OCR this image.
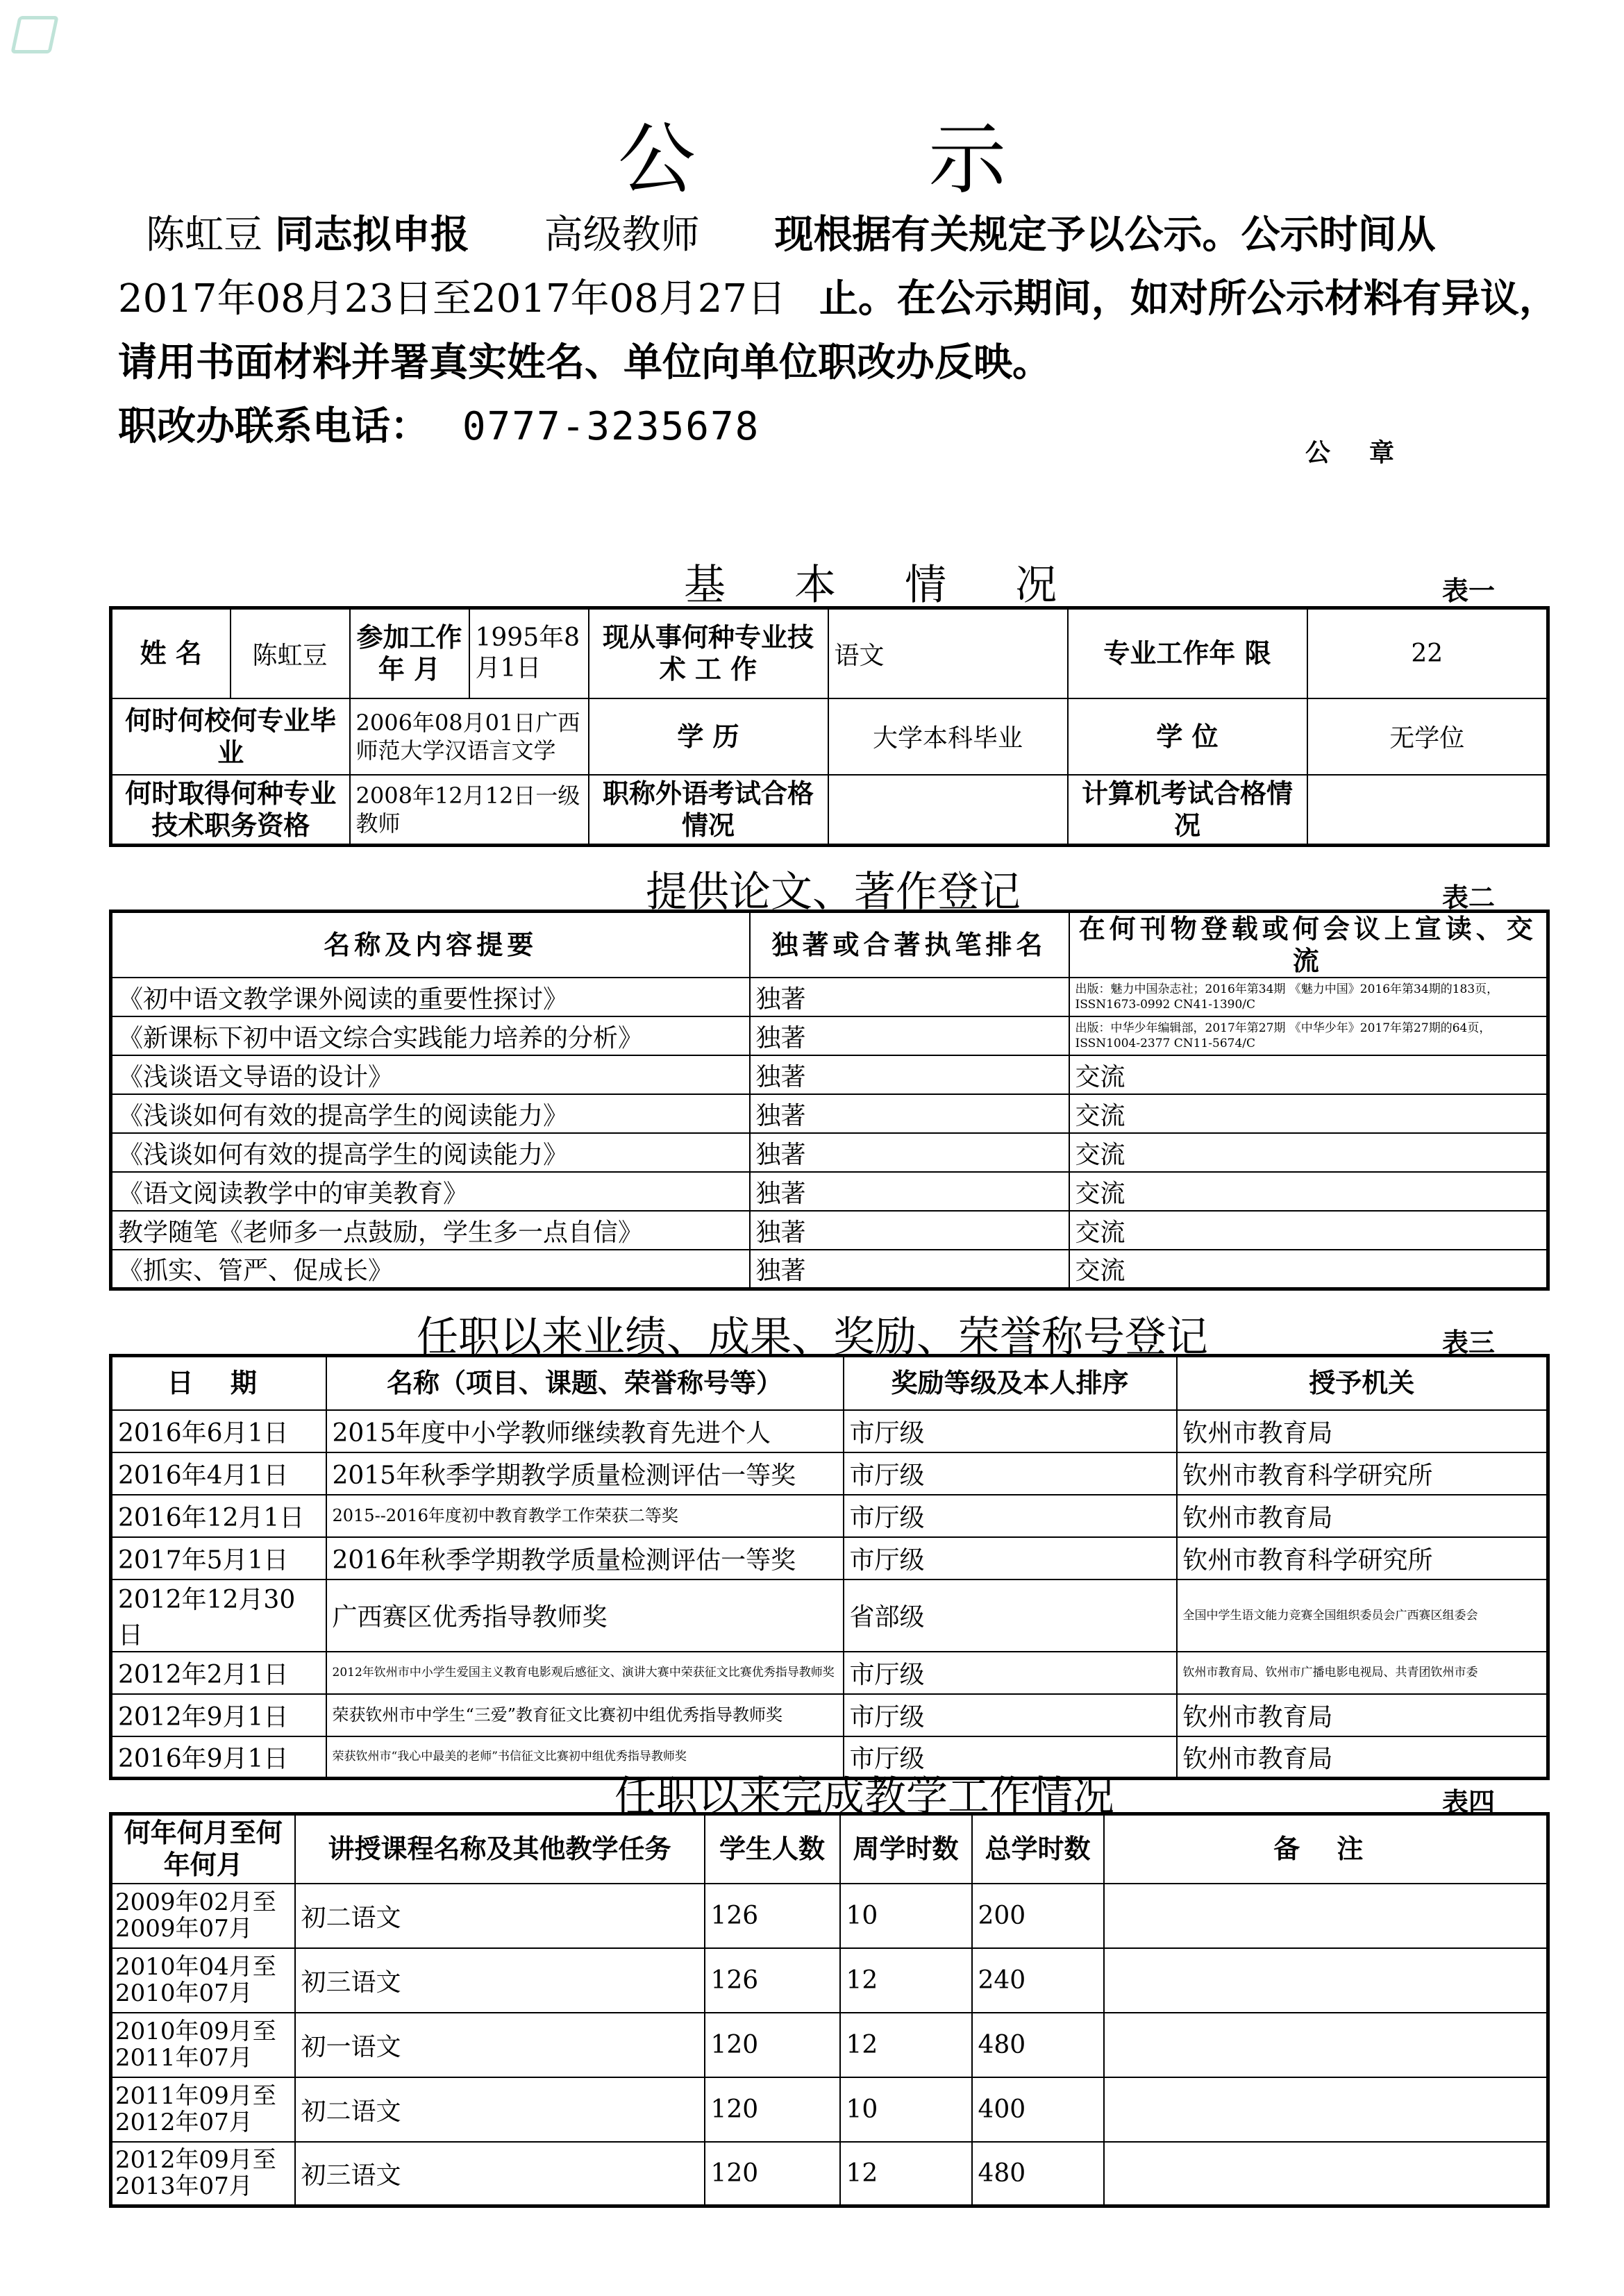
公 示
陈虹豆 同志拟申报 高级教师 现根据有关规定予以公示。公示时间从
2017年08月23日至2017年08月27日 止。在公示期间，如对所公示材料有异议，
请用书面材料并署真实姓名、单位向单位职改办反映。
职改办联系电话： 0777-3235678
公章
基 本 情 况	表一
姓 名	陈虹豆	参加工作年 月	1995年8月1日	现从事何种专业技 术 工 作	语文	专业工作年 限	22
何时何校何专业毕 业		2006年08月01日广西师范大学汉语言文学		学 历	大学本科毕业	学 位	无学位
何时取得何种专业技术职务资格		2008年12月12日一级教师		职称外语考试合格情况		计算机考试合格情况	
提供论文、著作登记	表二
名称及内容提要	独著或合著执笔排名	在何刊物登载或何会议上宣读、交流
《初中语文教学课外阅读的重要性探讨》	独著	出版：魅力中国杂志社；2016年第34期 《魅力中国》2016年第34期的183页，ISSN1673-0992 CN41-1390/C
《新课标下初中语文综合实践能力培养的分析》	独著	出版：中华少年编辑部，2017年第27期 《中华少年》2017年第27期的64页，ISSN1004-2377 CN11-5674/C
《浅谈语文导语的设计》	独著	交流
《浅谈如何有效的提高学生的阅读能力》	独著	交流
《浅谈如何有效的提高学生的阅读能力》	独著	交流
《语文阅读教学中的审美教育》	独著	交流
教学随笔《老师多一点鼓励，学生多一点自信》	独著	交流
《抓实、管严、促成长》	独著	交流
任职以来业绩、成果、奖励、荣誉称号登记	表三
日 期	名称（项目、课题、荣誉称号等）	奖励等级及本人排序	授予机关
2016年6月1日	2015年度中小学教师继续教育先进个人	市厅级	钦州市教育局
2016年4月1日	2015年秋季学期教学质量检测评估一等奖	市厅级	钦州市教育科学研究所
2016年12月1日	2015--2016年度初中教育教学工作荣获二等奖	市厅级	钦州市教育局
2017年5月1日	2016年秋季学期教学质量检测评估一等奖	市厅级	钦州市教育科学研究所
2012年12月30日	广西赛区优秀指导教师奖	省部级	全国中学生语文能力竞赛全国组织委员会广西赛区组委会
2012年2月1日	2012年钦州市中小学生爱国主义教育电影观后感征文、演讲大赛中荣获征文比赛优秀指导教师奖	市厅级	钦州市教育局、钦州市广播电影电视局、共青团钦州市委
2012年9月1日	荣获钦州市中学生“三爱”教育征文比赛初中组优秀指导教师奖	市厅级	钦州市教育局
2016年9月1日	荣获钦州市“我心中最美的老师”书信征文比赛初中组优秀指导教师奖	市厅级	钦州市教育局
任职以来完成教学工作情况	表四
何年何月至何年何月	讲授课程名称及其他教学任务	学生人数	周学时数	总学时数	备 注

2009年02月至
2009年07月	初二语文	126	10	200	

2010年04月至
2010年07月	初三语文	126	12	240	

2010年09月至
2011年07月	初一语文	120	12	480	

2011年09月至
2012年07月	初二语文	120	10	400	

2012年09月至
2013年07月	初三语文	120	12	480	
